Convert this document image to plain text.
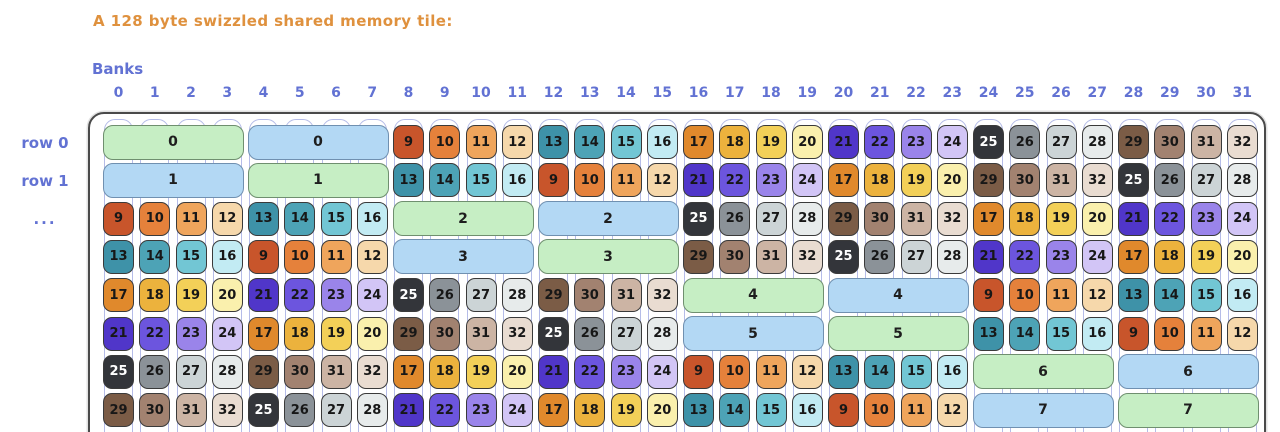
A 128 byte swizzled shared memory tile:
Banks
row 0
row 1
...
0	1	2	3	4	5	6	7	8	9	10	11	12	13	14	15	16	17	18	19	20	21	22	23	24	25	26	27	28	29	30	31
0	0	9	10	11	12	13	14	15	16	17	18	19	20	21	22	23	24	25	26	27	28	29	30	31	32
1	1	13	14	15	16	9	10	11	12	21	22	23	24	17	18	19	20	29	30	31	32	25	26	27	28
9	10	11	12	13	14	15	16	2	2	25	26	27	28	29	30	31	32	17	18	19	20	21	22	23	24
13	14	15	16	9	10	11	12	3	3	29	30	31	32	25	26	27	28	21	22	23	24	17	18	19	20
17	18	19	20	21	22	23	24	25	26	27	28	29	30	31	32	4	4	9	10	11	12	13	14	15	16
21	22	23	24	17	18	19	20	29	30	31	32	25	26	27	28	5	5	13	14	15	16	9	10	11	12
25	26	27	28	29	30	31	32	17	18	19	20	21	22	23	24	9	10	11	12	13	14	15	16	6	6
29	30	31	32	25	26	27	28	21	22	23	24	17	18	19	20	13	14	15	16	9	10	11	12	7	7
